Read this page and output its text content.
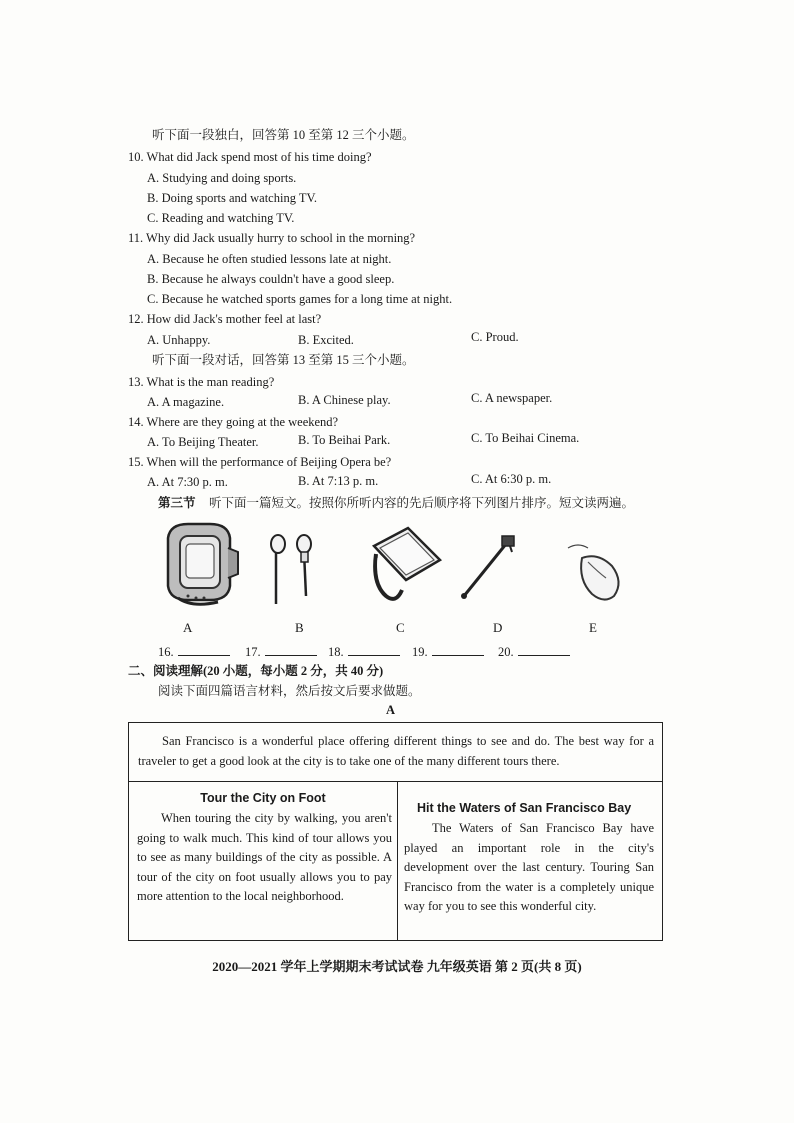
听下面一段独白，回答第 10 至第 12 三个小题。
10. What did Jack spend most of his time doing?
A. Studying and doing sports.
B. Doing sports and watching TV.
C. Reading and watching TV.
11. Why did Jack usually hurry to school in the morning?
A. Because he often studied lessons late at night.
B. Because he always couldn't have a good sleep.
C. Because he watched sports games for a long time at night.
12. How did Jack's mother feel at last?
A. Unhappy.	B. Excited.	C. Proud.
听下面一段对话，回答第 13 至第 15 三个小题。
13. What is the man reading?
A. A magazine.	B. A Chinese play.	C. A newspaper.
14. Where are they going at the weekend?
A. To Beijing Theater.	B. To Beihai Park.	C. To Beihai Cinema.
15. When will the performance of Beijing Opera be?
A. At 7:30 p. m.	B. At 7:13 p. m.	C. At 6:30 p. m.
第三节 听下面一篇短文。按照你所听内容的先后顺序将下列图片排序。短文读两遍。
A	B	C	D	E
16.	17.	18.	19.	20.
二、阅读理解(20 小题，每小题 2 分，共 40 分)
阅读下面四篇语言材料，然后按文后要求做题。
A
San Francisco is a wonderful place offering different things to see and do. The best way for a traveler to get a good look at the city is to take one of the many different tours there.
Tour the City on Foot
When touring the city by walking, you aren't going to walk much. This kind of tour allows you to see as many buildings of the city as possible. A tour of the city on foot usually allows you to pay more attention to the local neighborhood.
Hit the Waters of San Francisco Bay
The Waters of San Francisco Bay have played an important role in the city's development over the last century. Touring San Francisco from the water is a completely unique way for you to see this wonderful city.
2020—2021 学年上学期期末考试试卷 九年级英语 第 2 页(共 8 页)
